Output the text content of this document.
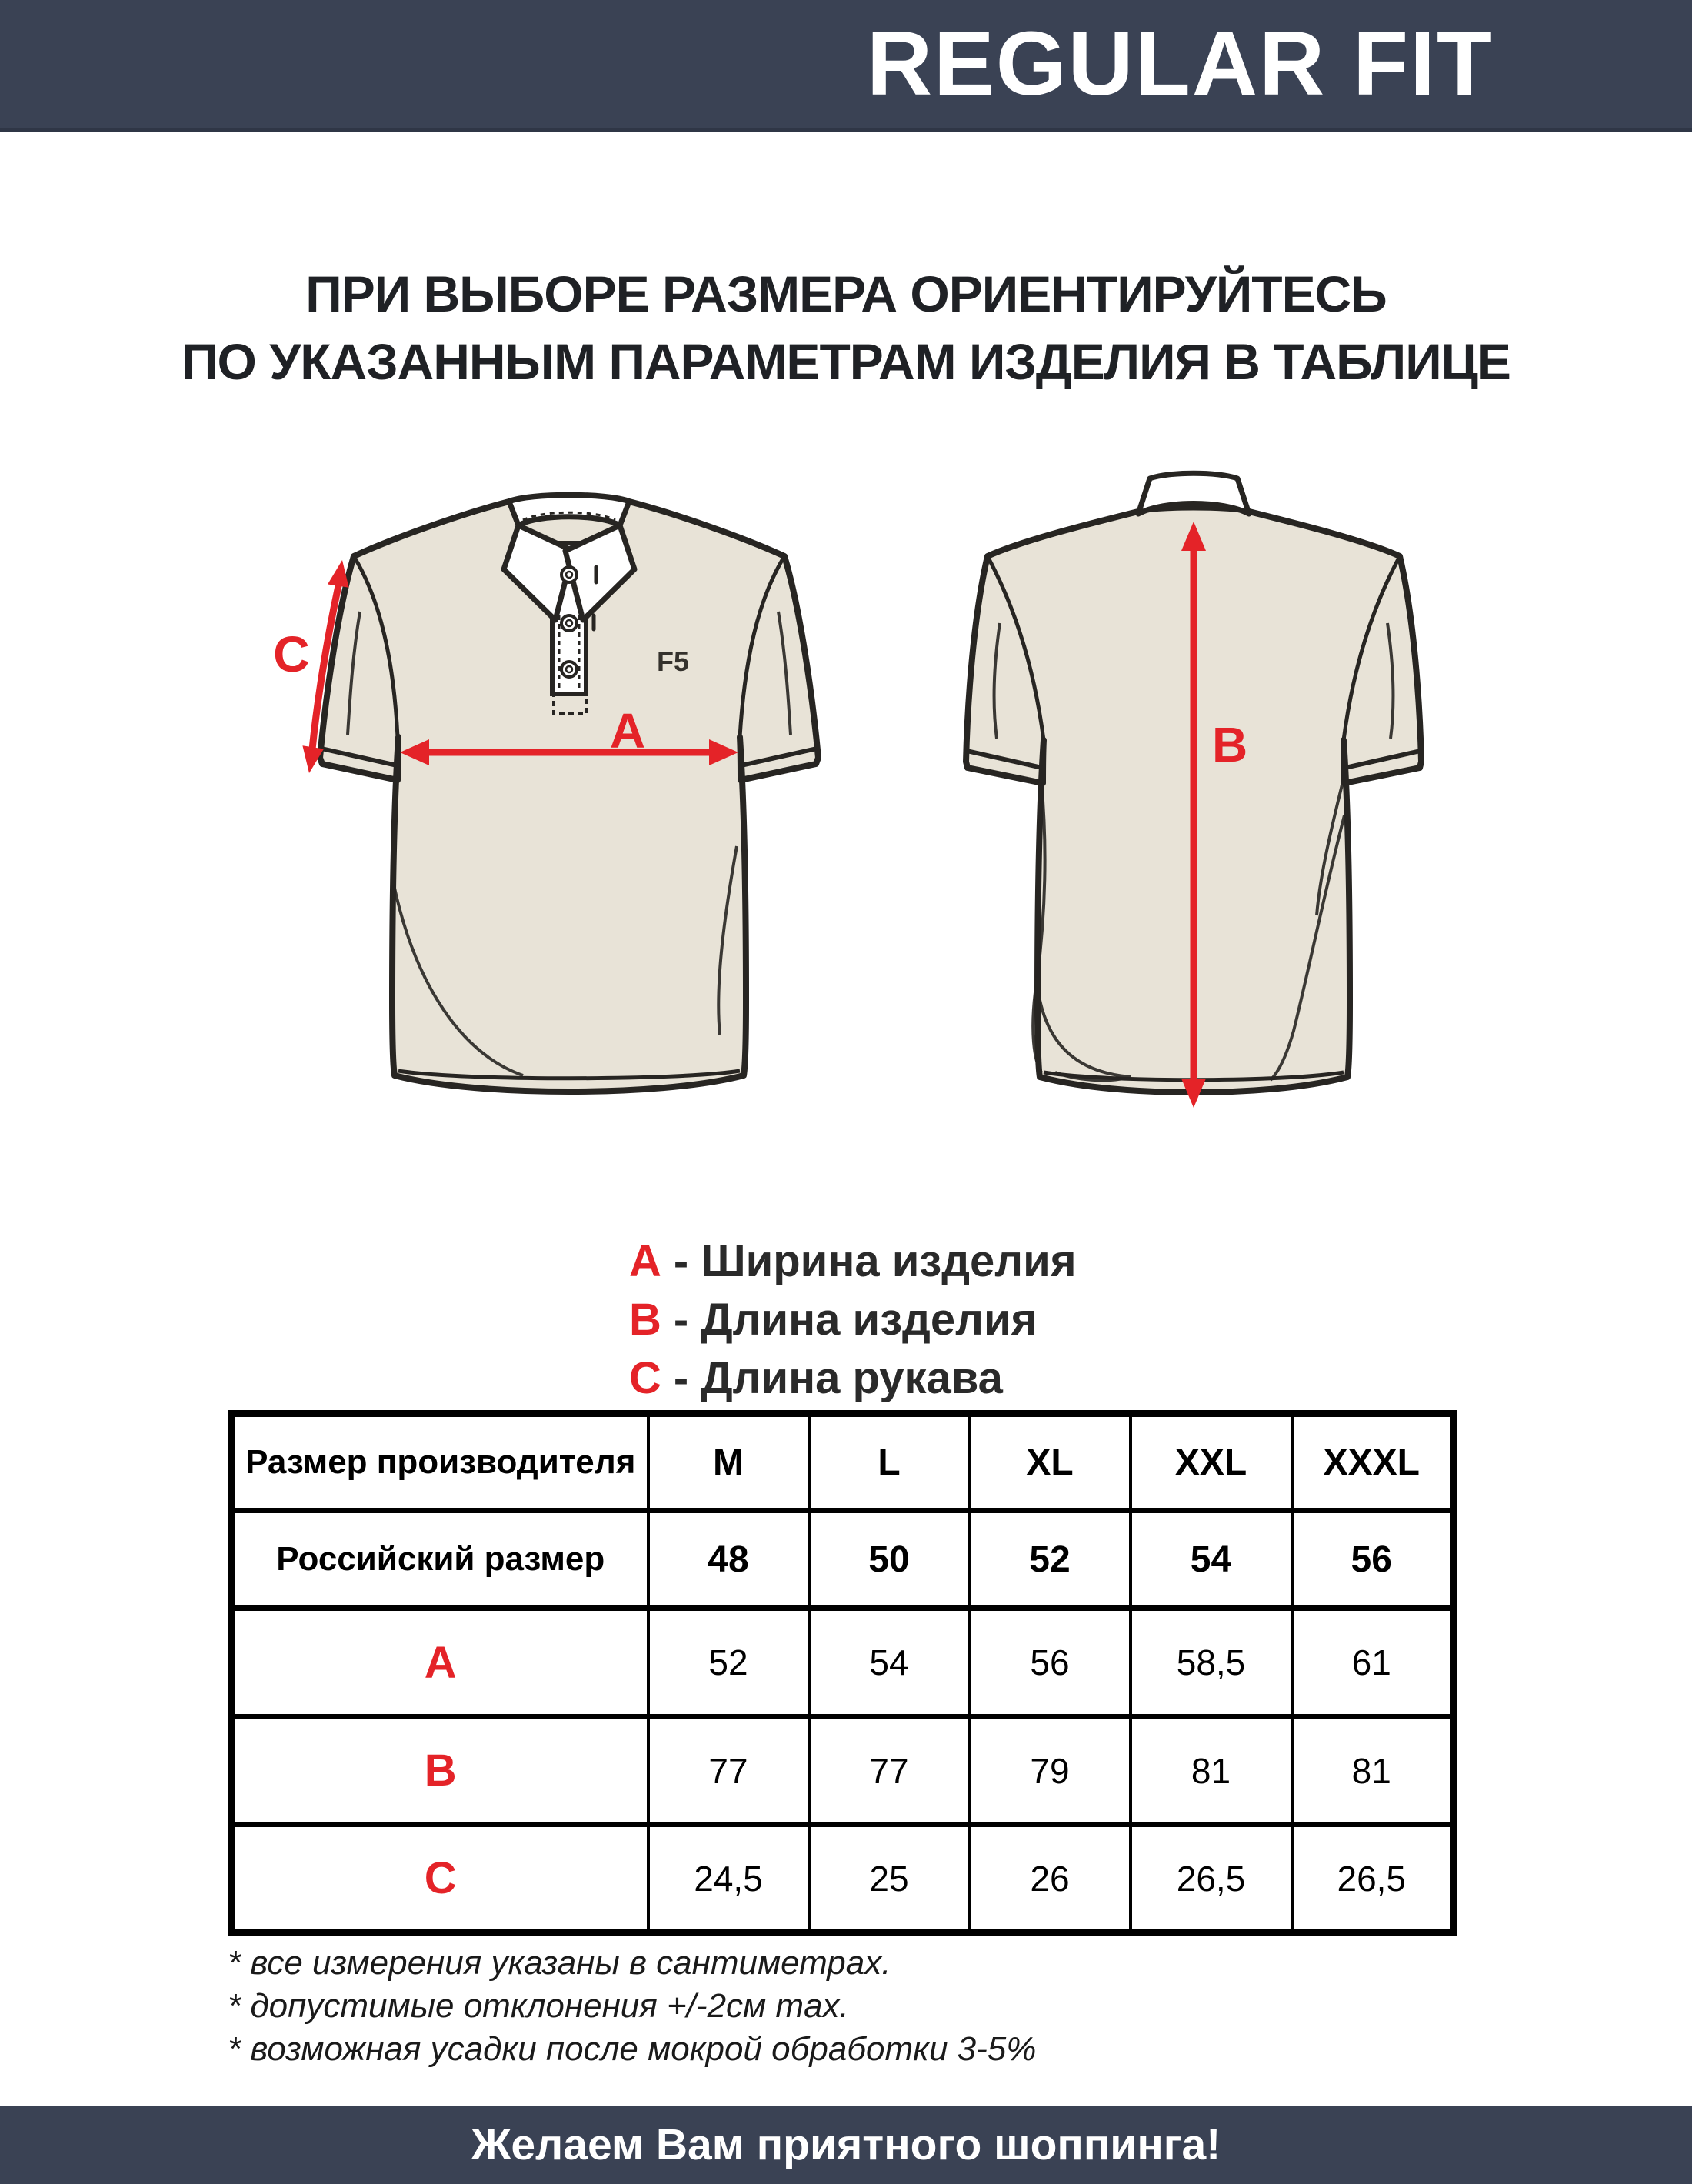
REGULAR FIT
ПРИ ВЫБОРЕ РАЗМЕРА ОРИЕНТИРУЙТЕСЬ
ПО УКАЗАННЫМ ПАРАМЕТРАМ ИЗДЕЛИЯ В ТАБЛИЦЕ
F5
A
C
B
A - Ширина изделия
B - Длина изделия
C - Длина рукава
Размер производителя	M	L	XL	XXL	XXXL
Российский размер	48	50	52	54	56
A	52	54	56	58,5	61
B	77	77	79	81	81
C	24,5	25	26	26,5	26,5
* все измерения указаны в сантиметрах.
* допустимые отклонения +/-2см max.
* возможная усадки после мокрой обработки 3-5%
Желаем Вам приятного шоппинга!
